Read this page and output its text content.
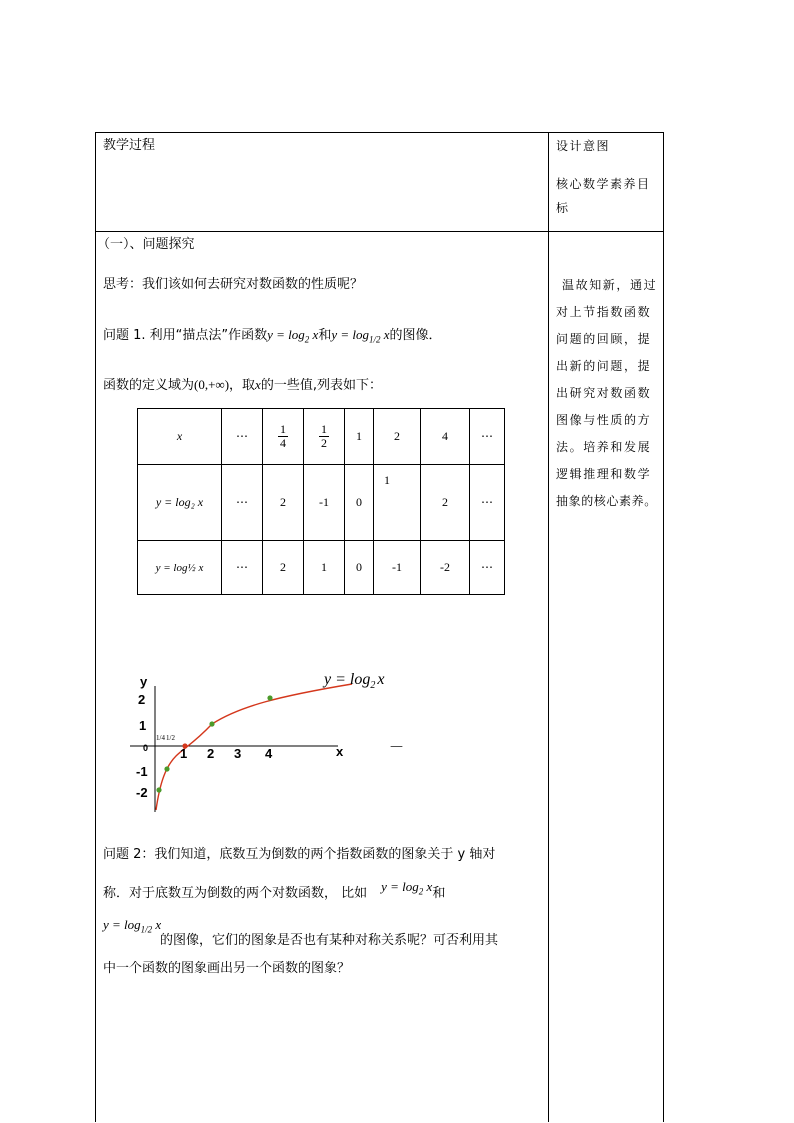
教学过程	设计意图
核心数学素养目
标
（一）、问题探究
思考：我们该如何去研究对数函数的性质呢？
问题 1. 利用“描点法”作函数$y = \log_2 x$和$y = \log_{1/2} x$的图像．
函数的定义域为(0,+∞)，取x的一些值,列表如下：
x	⋯	$\frac{1}{4}$	$\frac{1}{2}$	1	2	4	⋯
y = log₂ x	⋯	2	-1	0	1	2	⋯
y = log½ x	⋯	2	1	0	-1	-2	⋯
y
x
2
1
-1
-2
0 1 2 3 4
1/4 1/2
$y = \log_2 x$
—
问题 2：我们知道，底数互为倒数的两个指数函数的图象关于 y 轴对
称．对于底数互为倒数的两个对数函数， 比如 $y = \log_2 x$和
$y = \log_{1/2} x$
的图像，它们的图象是否也有某种对称关系呢？可否利用其
中一个函数的图象画出另一个函数的图象？
温故知新，通过
对上节指数函数
问题的回顾，提
出新的问题，提
出研究对数函数
图像与性质的方
法。培养和发展
逻辑推理和数学
抽象的核心素养。
